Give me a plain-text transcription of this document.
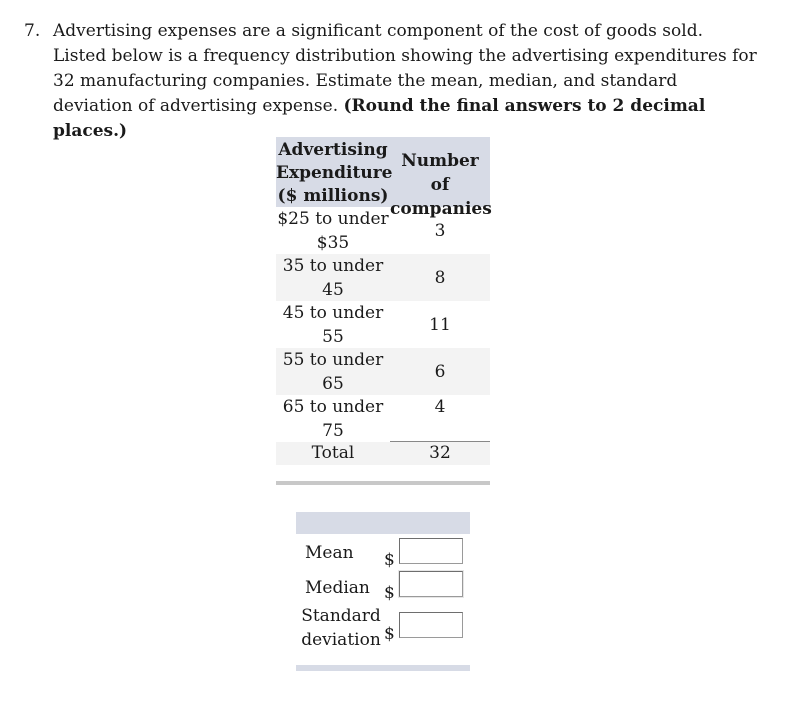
7. Advertising expenses are a significant component of the cost of goods sold. Listed below is a frequency distribution showing the advertising expenditures for 32 manufacturing companies. Estimate the mean, median, and standard deviation of advertising expense. (Round the final answers to 2 decimal places.)
Advertising
Expenditure
($ millions)
Number of
companies
$25 to under
$35
3
35 to under
45
8
45 to under
55
11
55 to under
65
6
65 to under
75
4
Total	32
Mean $
Median $
Standard
deviation $
